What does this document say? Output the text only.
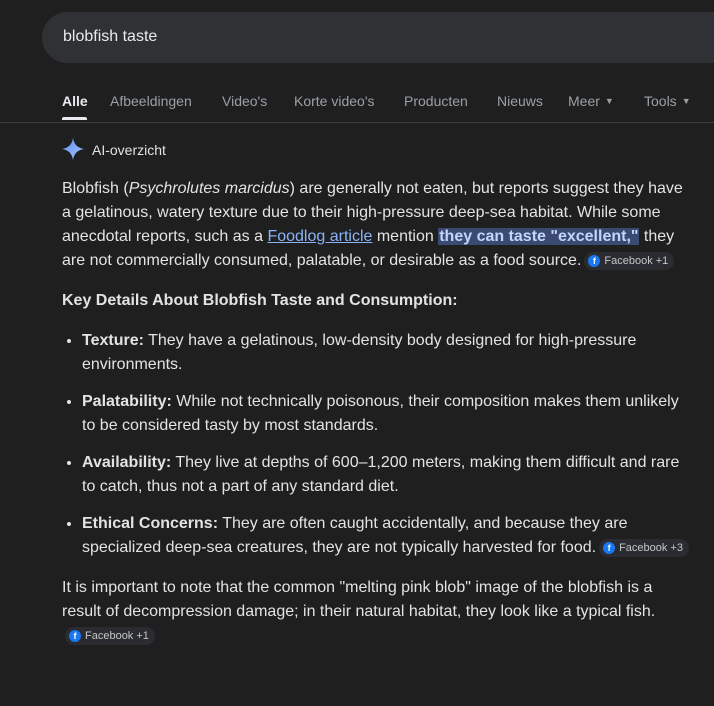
blobfish taste
Alle Afbeeldingen Video's Korte video's Producten Nieuws Meer ▼ Tools ▼
AI-overzicht

Blobfish (Psychrolutes marcidus) are generally not eaten, but reports suggest they have a gelatinous, watery texture due to their high-pressure deep-sea habitat. While some anecdotal reports, such as a Foodlog article mention they can taste "excellent," they are not commercially consumed, palatable, or desirable as a food source.	f Facebook +1

Key Details About Blobfish Taste and Consumption:

• Texture: They have a gelatinous, low-density body designed for high-pressure environments.
• Palatability: While not technically poisonous, their composition makes them unlikely to be considered tasty by most standards.
• Availability: They live at depths of 600–1,200 meters, making them difficult and rare to catch, thus not a part of any standard diet.
• Ethical Concerns: They are often caught accidentally, and because they are specialized deep-sea creatures, they are not typically harvested for food.	f Facebook +3

It is important to note that the common "melting pink blob" image of the blobfish is a result of decompression damage; in their natural habitat, they look like a typical fish.
f Facebook +1
